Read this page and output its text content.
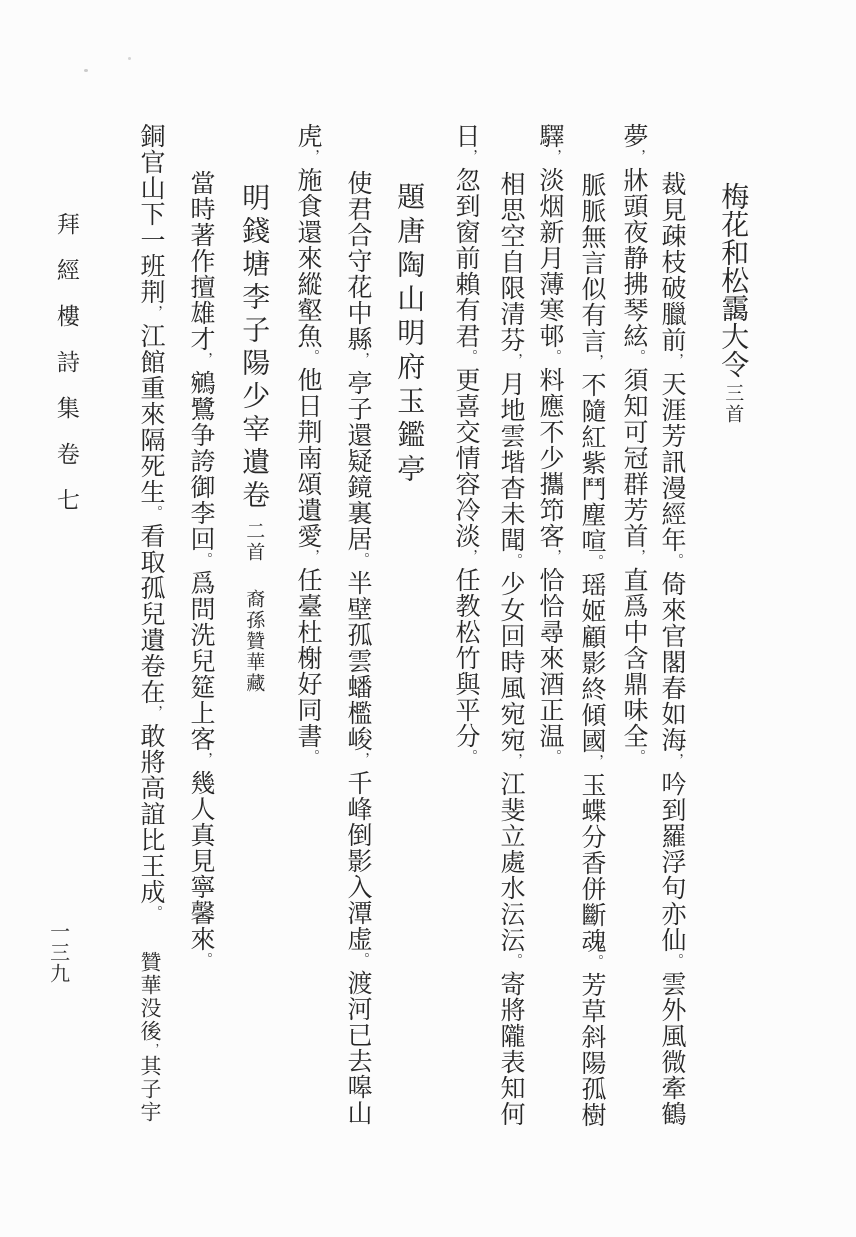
梅花和松靄大令三首
裁見疎枝破臘前，天涯芳訊漫經年。倚來官閣春如海，吟到羅浮句亦仙。雲外風微牽鶴
夢，牀頭夜静拂琴絃。須知可冠群芳首，直爲中含鼎味全。
脈脈無言似有言，不隨紅紫鬥塵喧。瑶姬顧影終傾國，玉蝶分香併斷魂。芳草斜陽孤樹
驛，淡烟新月薄寒邨。料應不少攜笻客，恰恰尋來酒正温。
相思空自限清芬，月地雲堦杳未聞。少女回時風宛宛，江斐立處水沄沄。寄將隴表知何
日，忽到窗前賴有君。更喜交情容冷淡，任教松竹與平分。
題唐陶山明府玉鑑亭
使君合守花中縣，亭子還疑鏡裏居。半壁孤雲蟠檻峻，千峰倒影入潭虚。渡河已去嗥山
虎，施食還來縱壑魚。他日荆南頌遺愛，任臺杜榭好同書。
明錢塘李子陽少宰遺卷二首裔孫贊華藏
當時著作擅雄才，鵷鷺争誇御李回。爲問洗兒筵上客，幾人真見寧馨來。
銅官山下一班荆，江館重來隔死生。看取孤兒遺卷在，敢將高誼比王成。贊華没後，其子宇
拜經樓詩集卷七
一三九
